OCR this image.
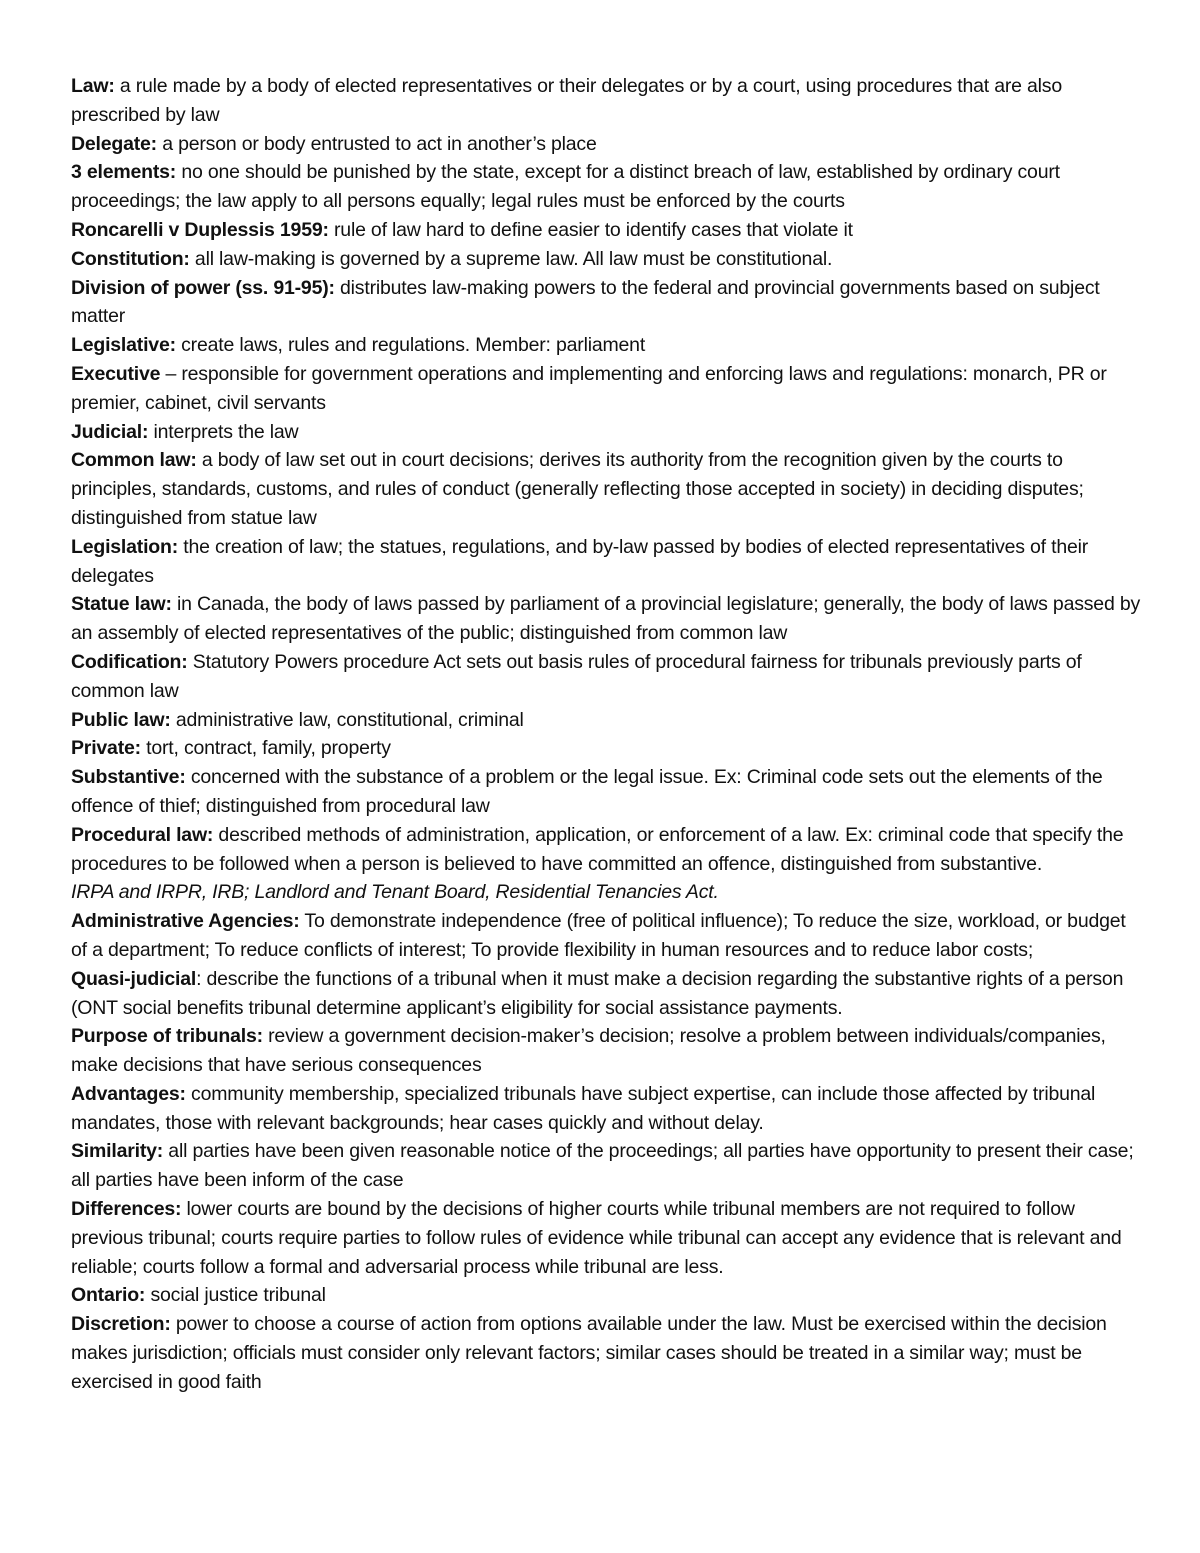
Law: a rule made by a body of elected representatives or their delegates or by a court, using procedures that are also prescribed by law

Delegate: a person or body entrusted to act in another’s place

3 elements: no one should be punished by the state, except for a distinct breach of law, established by ordinary court proceedings; the law apply to all persons equally; legal rules must be enforced by the courts

Roncarelli v Duplessis 1959: rule of law hard to define easier to identify cases that violate it

Constitution: all law-making is governed by a supreme law. All law must be constitutional.

Division of power (ss. 91-95): distributes law-making powers to the federal and provincial governments based on subject matter

Legislative: create laws, rules and regulations. Member: parliament

Executive – responsible for government operations and implementing and enforcing laws and regulations: monarch, PR or premier, cabinet, civil servants

Judicial: interprets the law

Common law: a body of law set out in court decisions; derives its authority from the recognition given by the courts to principles, standards, customs, and rules of conduct (generally reflecting those accepted in society) in deciding disputes; distinguished from statue law

Legislation: the creation of law; the statues, regulations, and by-law passed by bodies of elected representatives of their delegates

Statue law: in Canada, the body of laws passed by parliament of a provincial legislature; generally, the body of laws passed by an assembly of elected representatives of the public; distinguished from common law

Codification: Statutory Powers procedure Act sets out basis rules of procedural fairness for tribunals previously parts of common law

Public law: administrative law, constitutional, criminal

Private: tort, contract, family, property

Substantive: concerned with the substance of a problem or the legal issue. Ex: Criminal code sets out the elements of the offence of thief; distinguished from procedural law

Procedural law: described methods of administration, application, or enforcement of a law. Ex: criminal code that specify the procedures to be followed when a person is believed to have committed an offence, distinguished from substantive.

IRPA and IRPR, IRB; Landlord and Tenant Board, Residential Tenancies Act.

Administrative Agencies: To demonstrate independence (free of political influence); To reduce the size, workload, or budget of a department; To reduce conflicts of interest; To provide flexibility in human resources and to reduce labor costs;

Quasi-judicial: describe the functions of a tribunal when it must make a decision regarding the substantive rights of a person (ONT social benefits tribunal determine applicant’s eligibility for social assistance payments.

Purpose of tribunals: review a government decision-maker’s decision; resolve a problem between individuals/companies, make decisions that have serious consequences

Advantages: community membership, specialized tribunals have subject expertise, can include those affected by tribunal mandates, those with relevant backgrounds; hear cases quickly and without delay.

Similarity: all parties have been given reasonable notice of the proceedings; all parties have opportunity to present their case; all parties have been inform of the case

Differences: lower courts are bound by the decisions of higher courts while tribunal members are not required to follow previous tribunal; courts require parties to follow rules of evidence while tribunal can accept any evidence that is relevant and reliable; courts follow a formal and adversarial process while tribunal are less.

Ontario: social justice tribunal

Discretion: power to choose a course of action from options available under the law. Must be exercised within the decision makes jurisdiction; officials must consider only relevant factors; similar cases should be treated in a similar way; must be exercised in good faith
